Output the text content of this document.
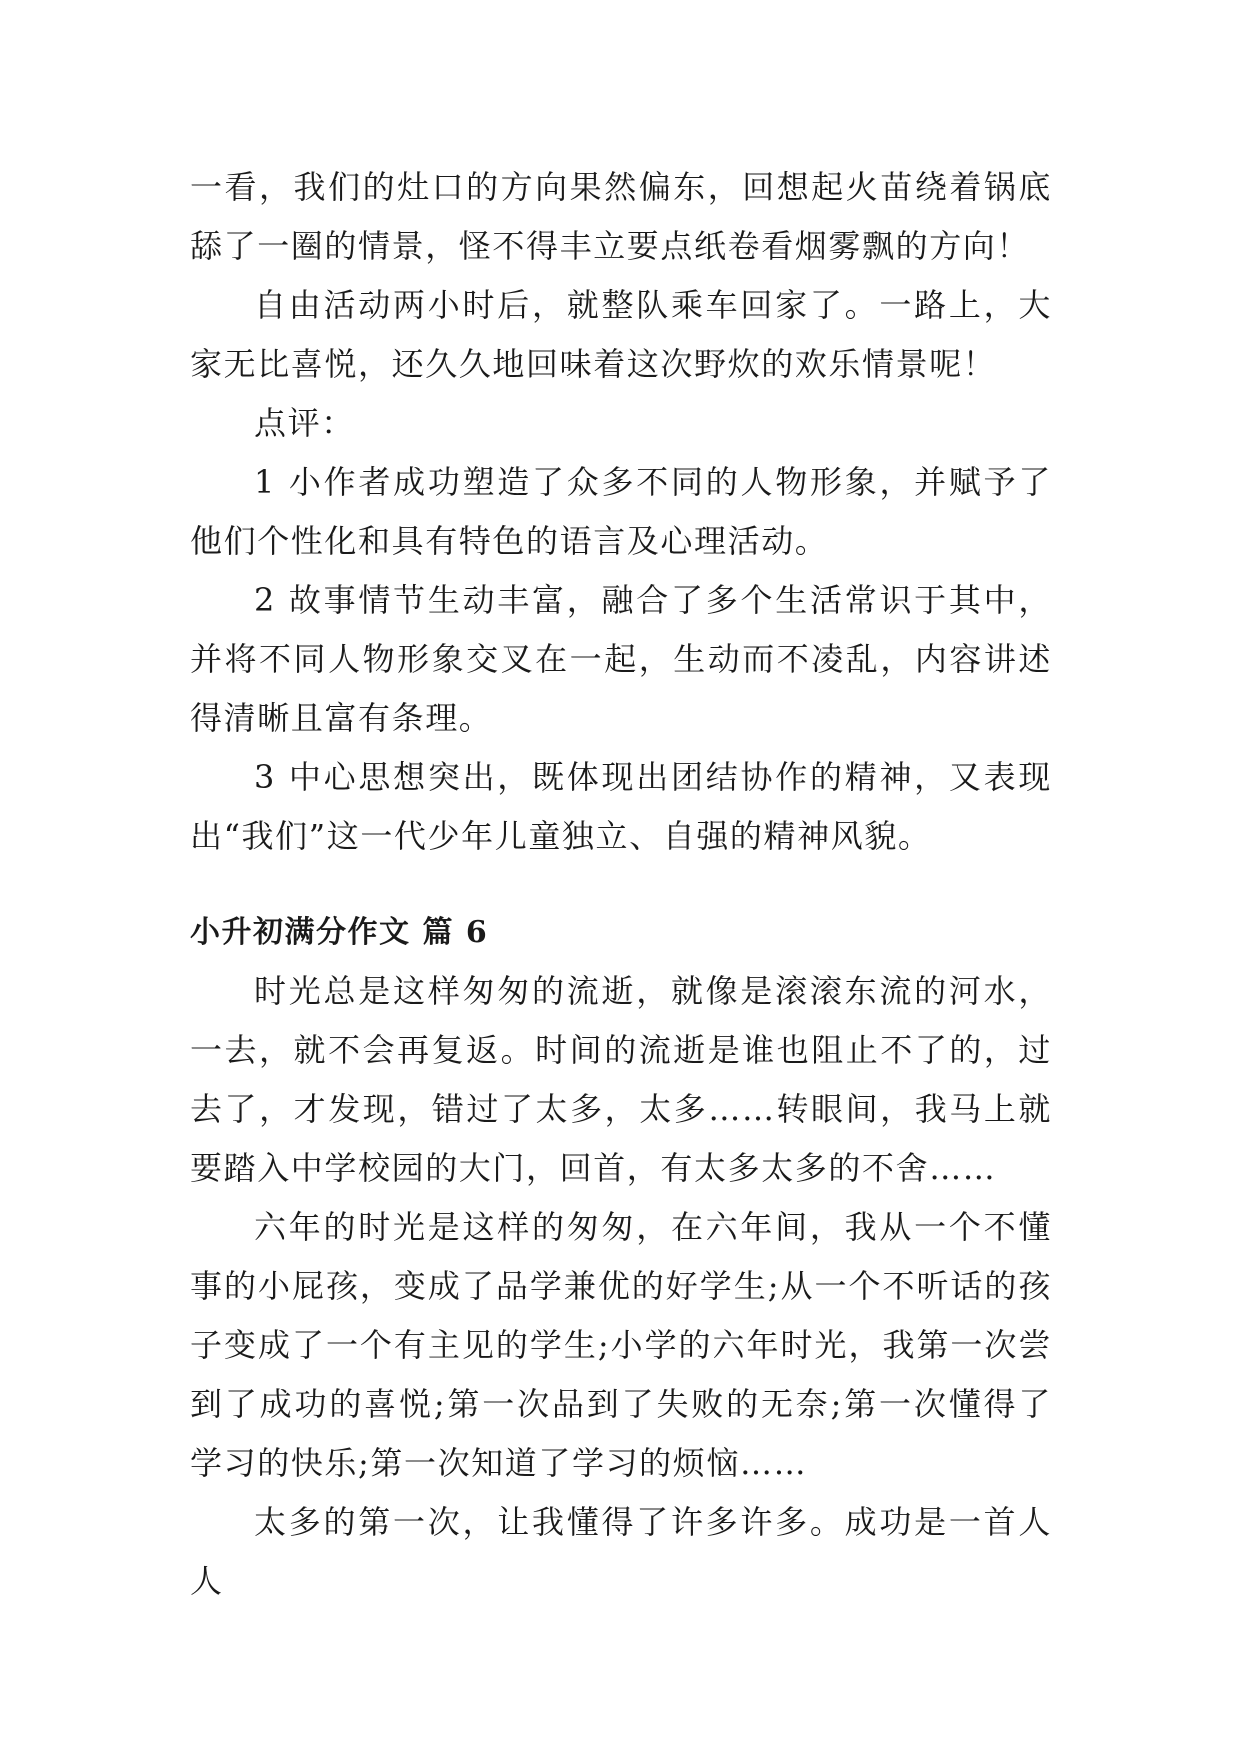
一看，我们的灶口的方向果然偏东，回想起火苗绕着锅底舔了一圈的情景，怪不得丰立要点纸卷看烟雾飘的方向！

自由活动两小时后，就整队乘车回家了。一路上，大家无比喜悦，还久久地回味着这次野炊的欢乐情景呢！

点评：

1 小作者成功塑造了众多不同的人物形象，并赋予了他们个性化和具有特色的语言及心理活动。

2 故事情节生动丰富，融合了多个生活常识于其中，并将不同人物形象交叉在一起，生动而不凌乱，内容讲述得清晰且富有条理。

3 中心思想突出，既体现出团结协作的精神，又表现出“我们”这一代少年儿童独立、自强的精神风貌。

小升初满分作文 篇 6

时光总是这样匆匆的流逝，就像是滚滚东流的河水，一去，就不会再复返。时间的流逝是谁也阻止不了的，过去了，才发现，错过了太多，太多……转眼间，我马上就要踏入中学校园的大门，回首，有太多太多的不舍……

六年的时光是这样的匆匆，在六年间，我从一个不懂事的小屁孩，变成了品学兼优的好学生;从一个不听话的孩子变成了一个有主见的学生;小学的六年时光，我第一次尝到了成功的喜悦;第一次品到了失败的无奈;第一次懂得了学习的快乐;第一次知道了学习的烦恼……

太多的第一次，让我懂得了许多许多。成功是一首人人
